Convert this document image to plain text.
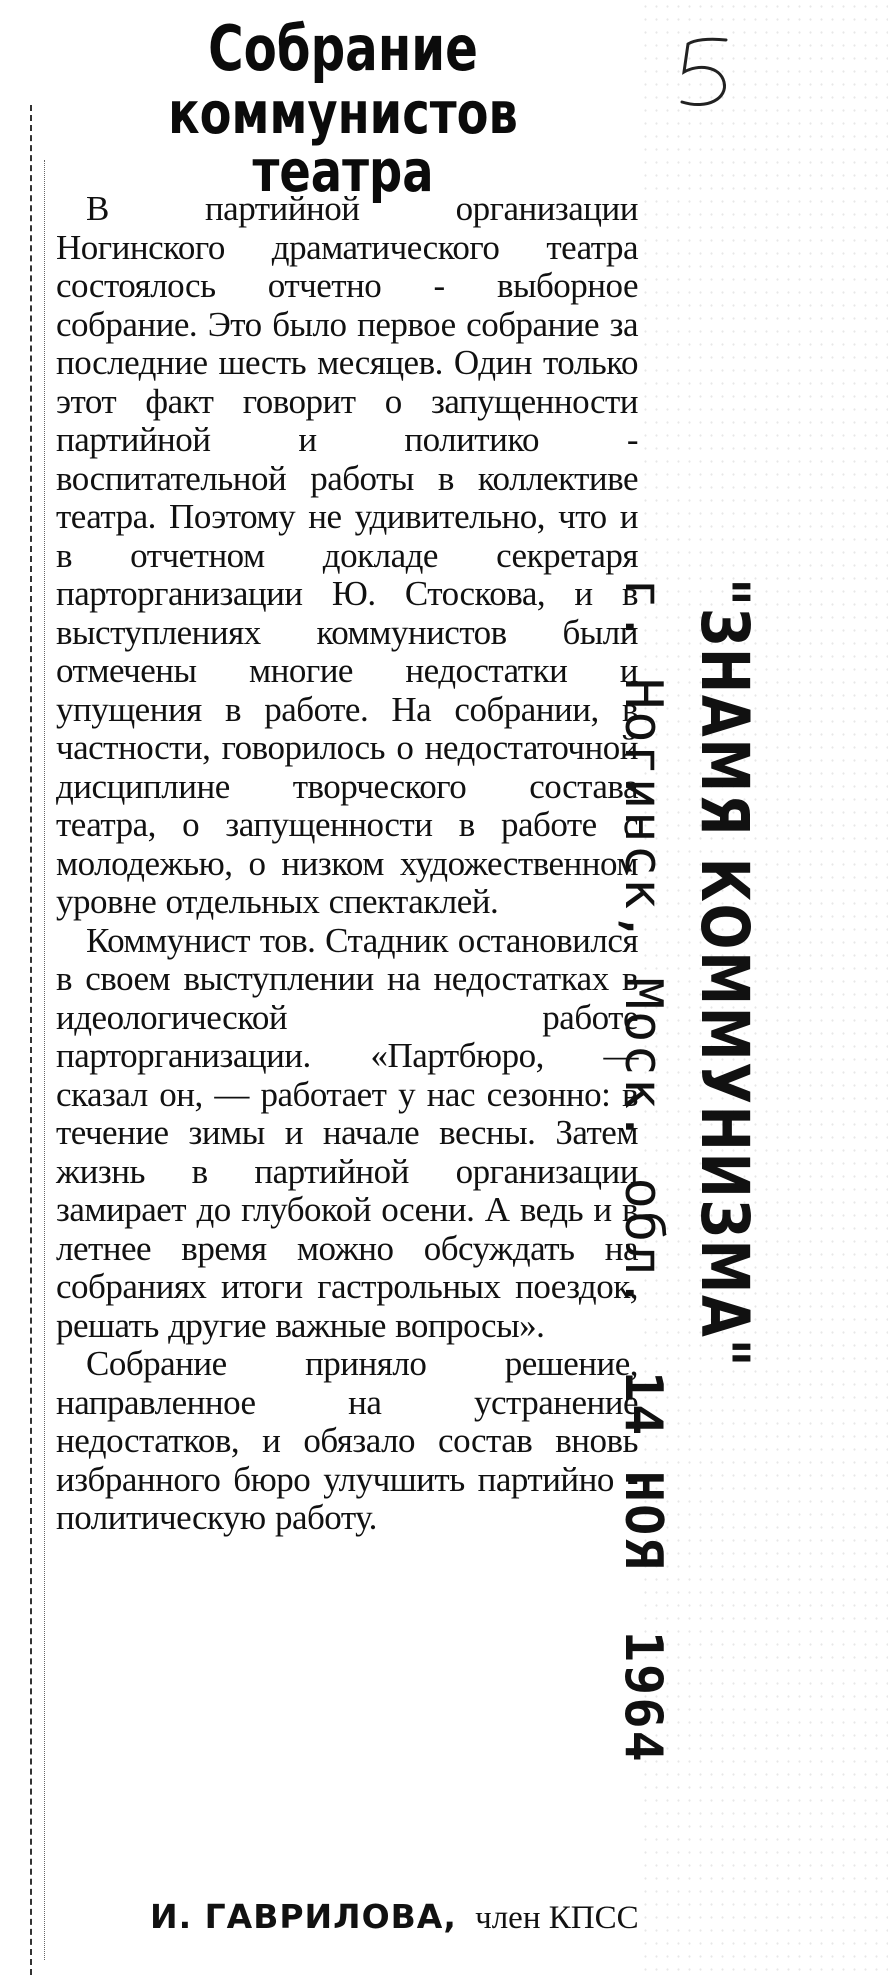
Собрание
коммунистов театра

В партийной организации Ногинского драматического театра состоялось отчетно - выборное собрание. Это было первое собрание за последние шесть месяцев. Один только этот факт говорит о запущенности партийной и политико - воспитательной работы в коллективе театра. Поэтому не удивительно, что и в отчетном докладе секретаря парторганизации Ю. Стоскова, и в выступлениях коммунистов были отмечены многие недостатки и упущения в работе. На собрании, в частности, говорилось о недостаточной дисциплине творческого состава театра, о запущенности в работе с молодежью, о низком художественном уровне отдельных спектаклей.

Коммунист тов. Стадник остановился в своем выступлении на недостатках в идеологической работе парторганизации. «Партбюро, — сказал он, — работает у нас сезонно: в течение зимы и начале весны. Затем жизнь в партийной организации замирает до глубокой осени. А ведь и в летнее время можно обсуждать на собраниях итоги гастрольных поездок, решать другие важные вопросы».

Собрание приняло решение, направленное на устранение недостатков, и обязало состав вновь избранного бюро улучшить партийно - политическую работу.

И. ГАВРИЛОВА, член КПСС
"ЗНАМЯ КОММУНИЗМА"
г. Ногинск, Моск. обл.14 НОЯ1964
